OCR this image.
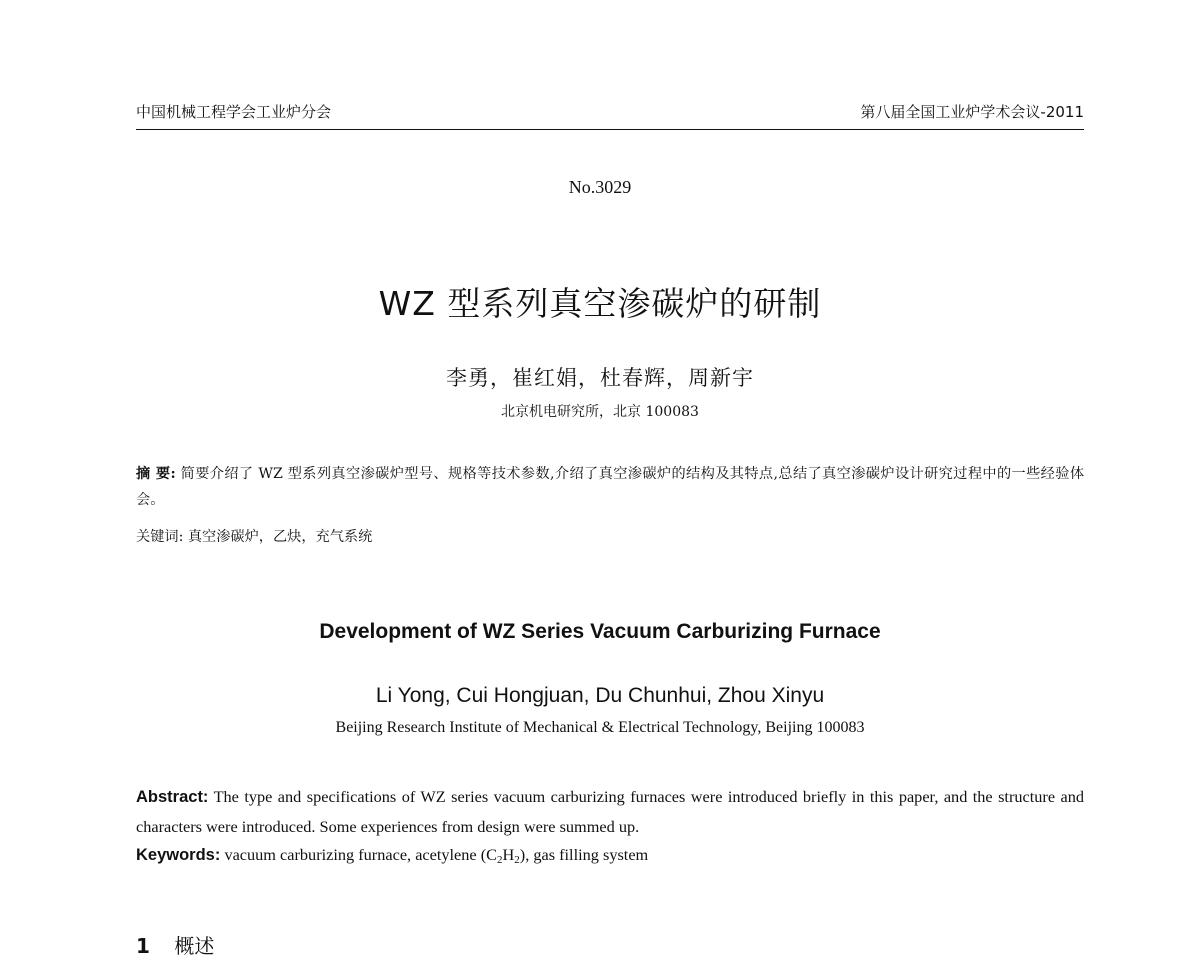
中国机械工程学会工业炉分会	第八届全国工业炉学术会议-2011
No.3029
WZ 型系列真空渗碳炉的研制
李勇，崔红娟，杜春辉，周新宇
北京机电研究所，北京 100083
摘 要: 简要介绍了 WZ 型系列真空渗碳炉型号、规格等技术参数,介绍了真空渗碳炉的结构及其特点,总结了真空渗碳炉设计研究过程中的一些经验体会。
关键词: 真空渗碳炉，乙炔，充气系统
Development of WZ Series Vacuum Carburizing Furnace
Li Yong, Cui Hongjuan, Du Chunhui, Zhou Xinyu
Beijing Research Institute of Mechanical & Electrical Technology, Beijing 100083
Abstract: The type and specifications of WZ series vacuum carburizing furnaces were introduced briefly in this paper, and the structure and characters were introduced. Some experiences from design were summed up.
Keywords: vacuum carburizing furnace, acetylene $(C_2H_2)$, gas filling system
1 概述
